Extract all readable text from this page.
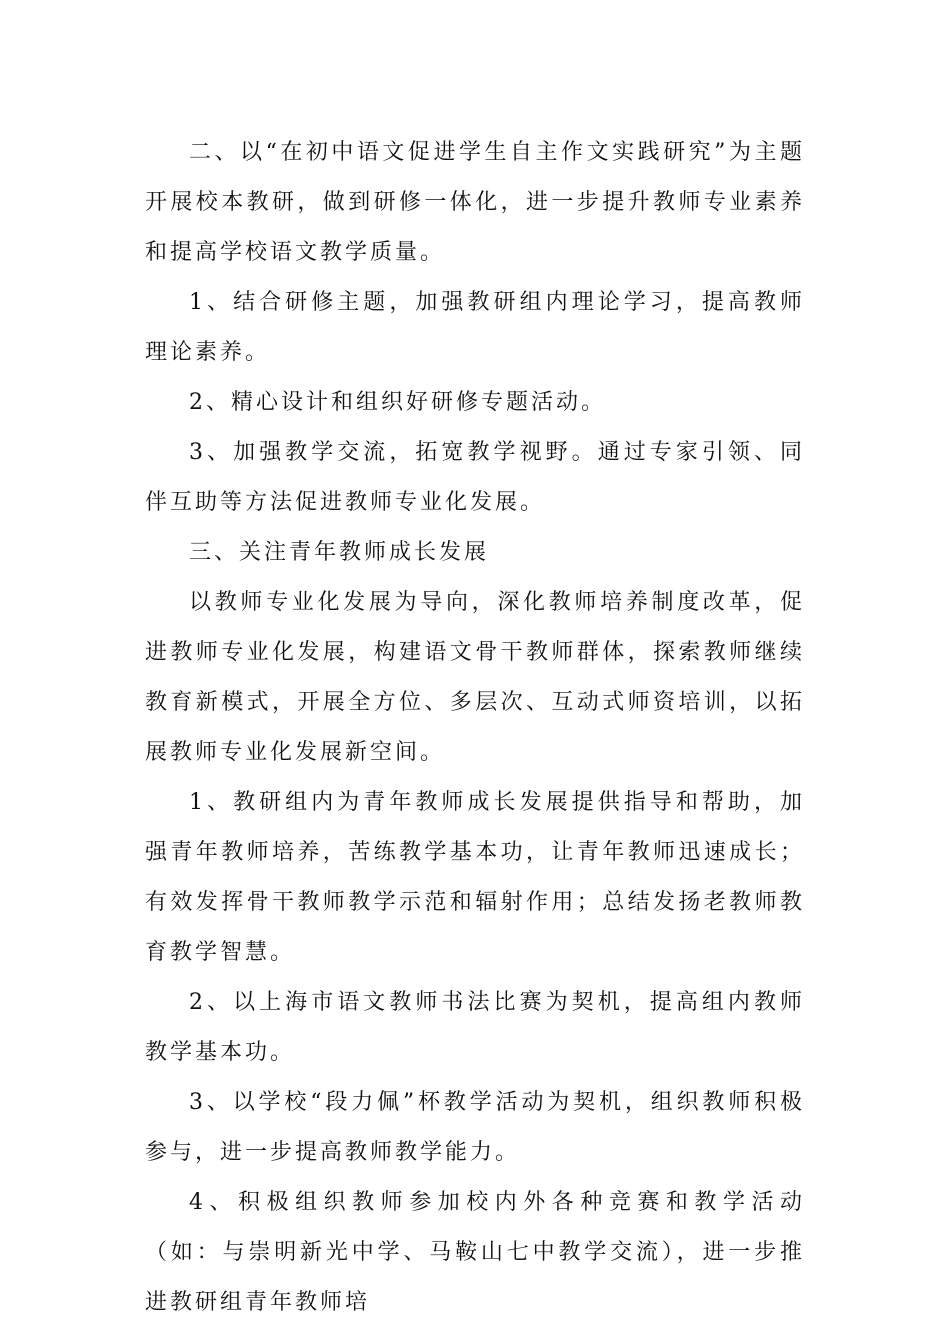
二、以“在初中语文促进学生自主作文实践研究”为主题开展校本教研，做到研修一体化，进一步提升教师专业素养和提高学校语文教学质量。

1、结合研修主题，加强教研组内理论学习，提高教师理论素养。

2、精心设计和组织好研修专题活动。

3、加强教学交流，拓宽教学视野。通过专家引领、同伴互助等方法促进教师专业化发展。

三、关注青年教师成长发展

以教师专业化发展为导向，深化教师培养制度改革，促进教师专业化发展，构建语文骨干教师群体，探索教师继续教育新模式，开展全方位、多层次、互动式师资培训，以拓展教师专业化发展新空间。

1、教研组内为青年教师成长发展提供指导和帮助，加强青年教师培养，苦练教学基本功，让青年教师迅速成长；有效发挥骨干教师教学示范和辐射作用；总结发扬老教师教育教学智慧。

2、以上海市语文教师书法比赛为契机，提高组内教师教学基本功。

3、以学校“段力佩”杯教学活动为契机，组织教师积极参与，进一步提高教师教学能力。

4、积极组织教师参加校内外各种竞赛和教学活动（如：与崇明新光中学、马鞍山七中教学交流），进一步推进教研组青年教师培
